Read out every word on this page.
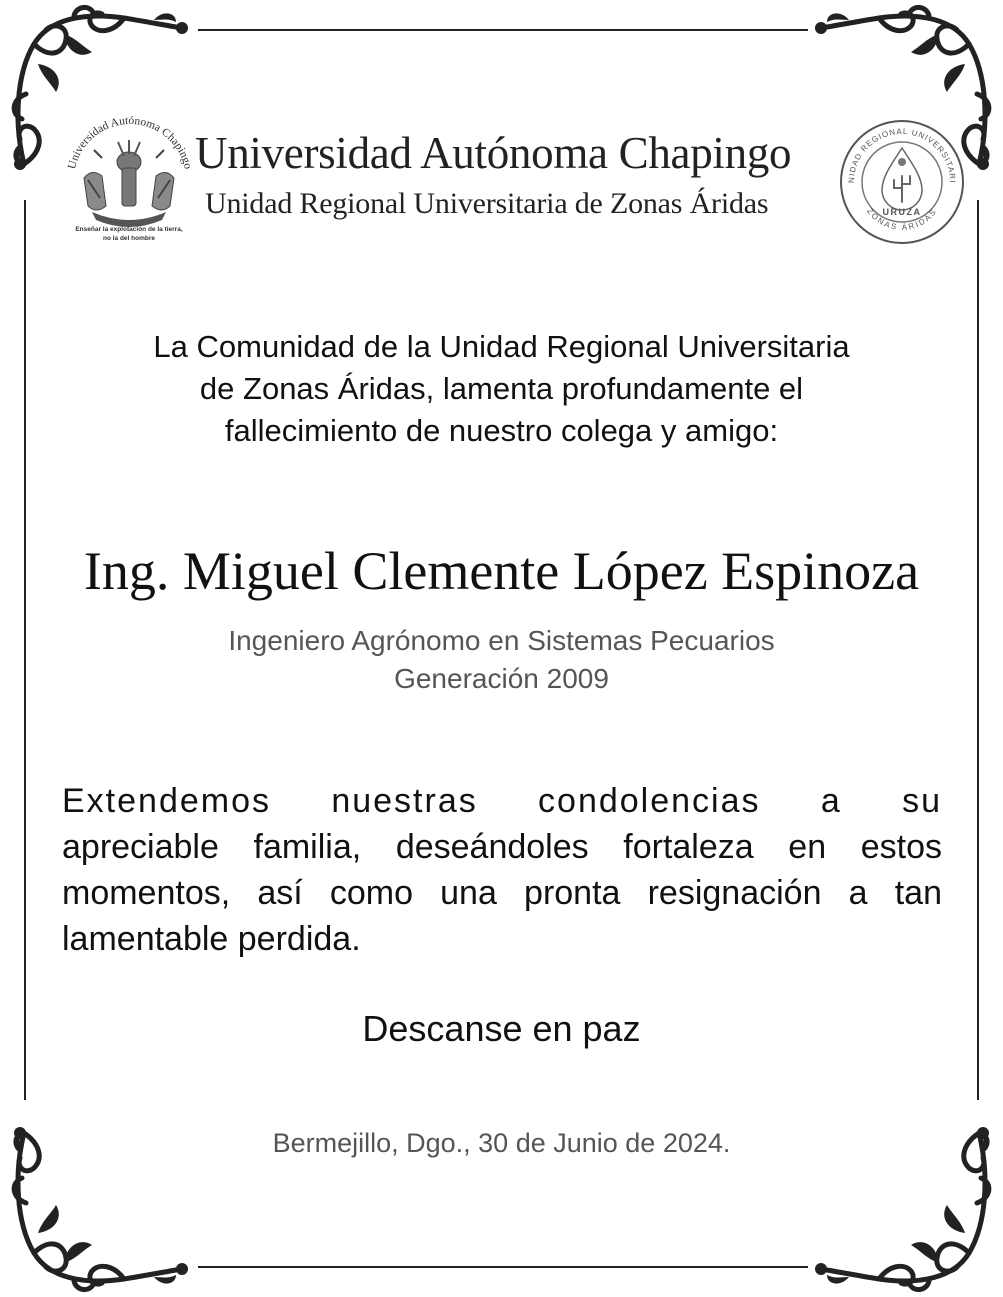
Universidad Autónoma Chapingo
Enseñar la explotación de la tierra,
no la del hombre
Universidad Autónoma Chapingo
Unidad Regional Universitaria de Zonas Áridas
NIDAD REGIONAL UNIVERSITARI
ZONAS ÁRIDAS
URUZA
La Comunidad de la Unidad Regional Universitaria
de Zonas Áridas, lamenta profundamente el
fallecimiento de nuestro colega y amigo:
Ing. Miguel Clemente López Espinoza
Ingeniero Agrónomo en Sistemas Pecuarios
Generación 2009
Extendemos nuestras condolencias a su
apreciable familia, deseándoles fortaleza en estos
momentos, así como una pronta resignación a tan
lamentable perdida.
Descanse en paz
Bermejillo, Dgo., 30 de Junio de 2024.
